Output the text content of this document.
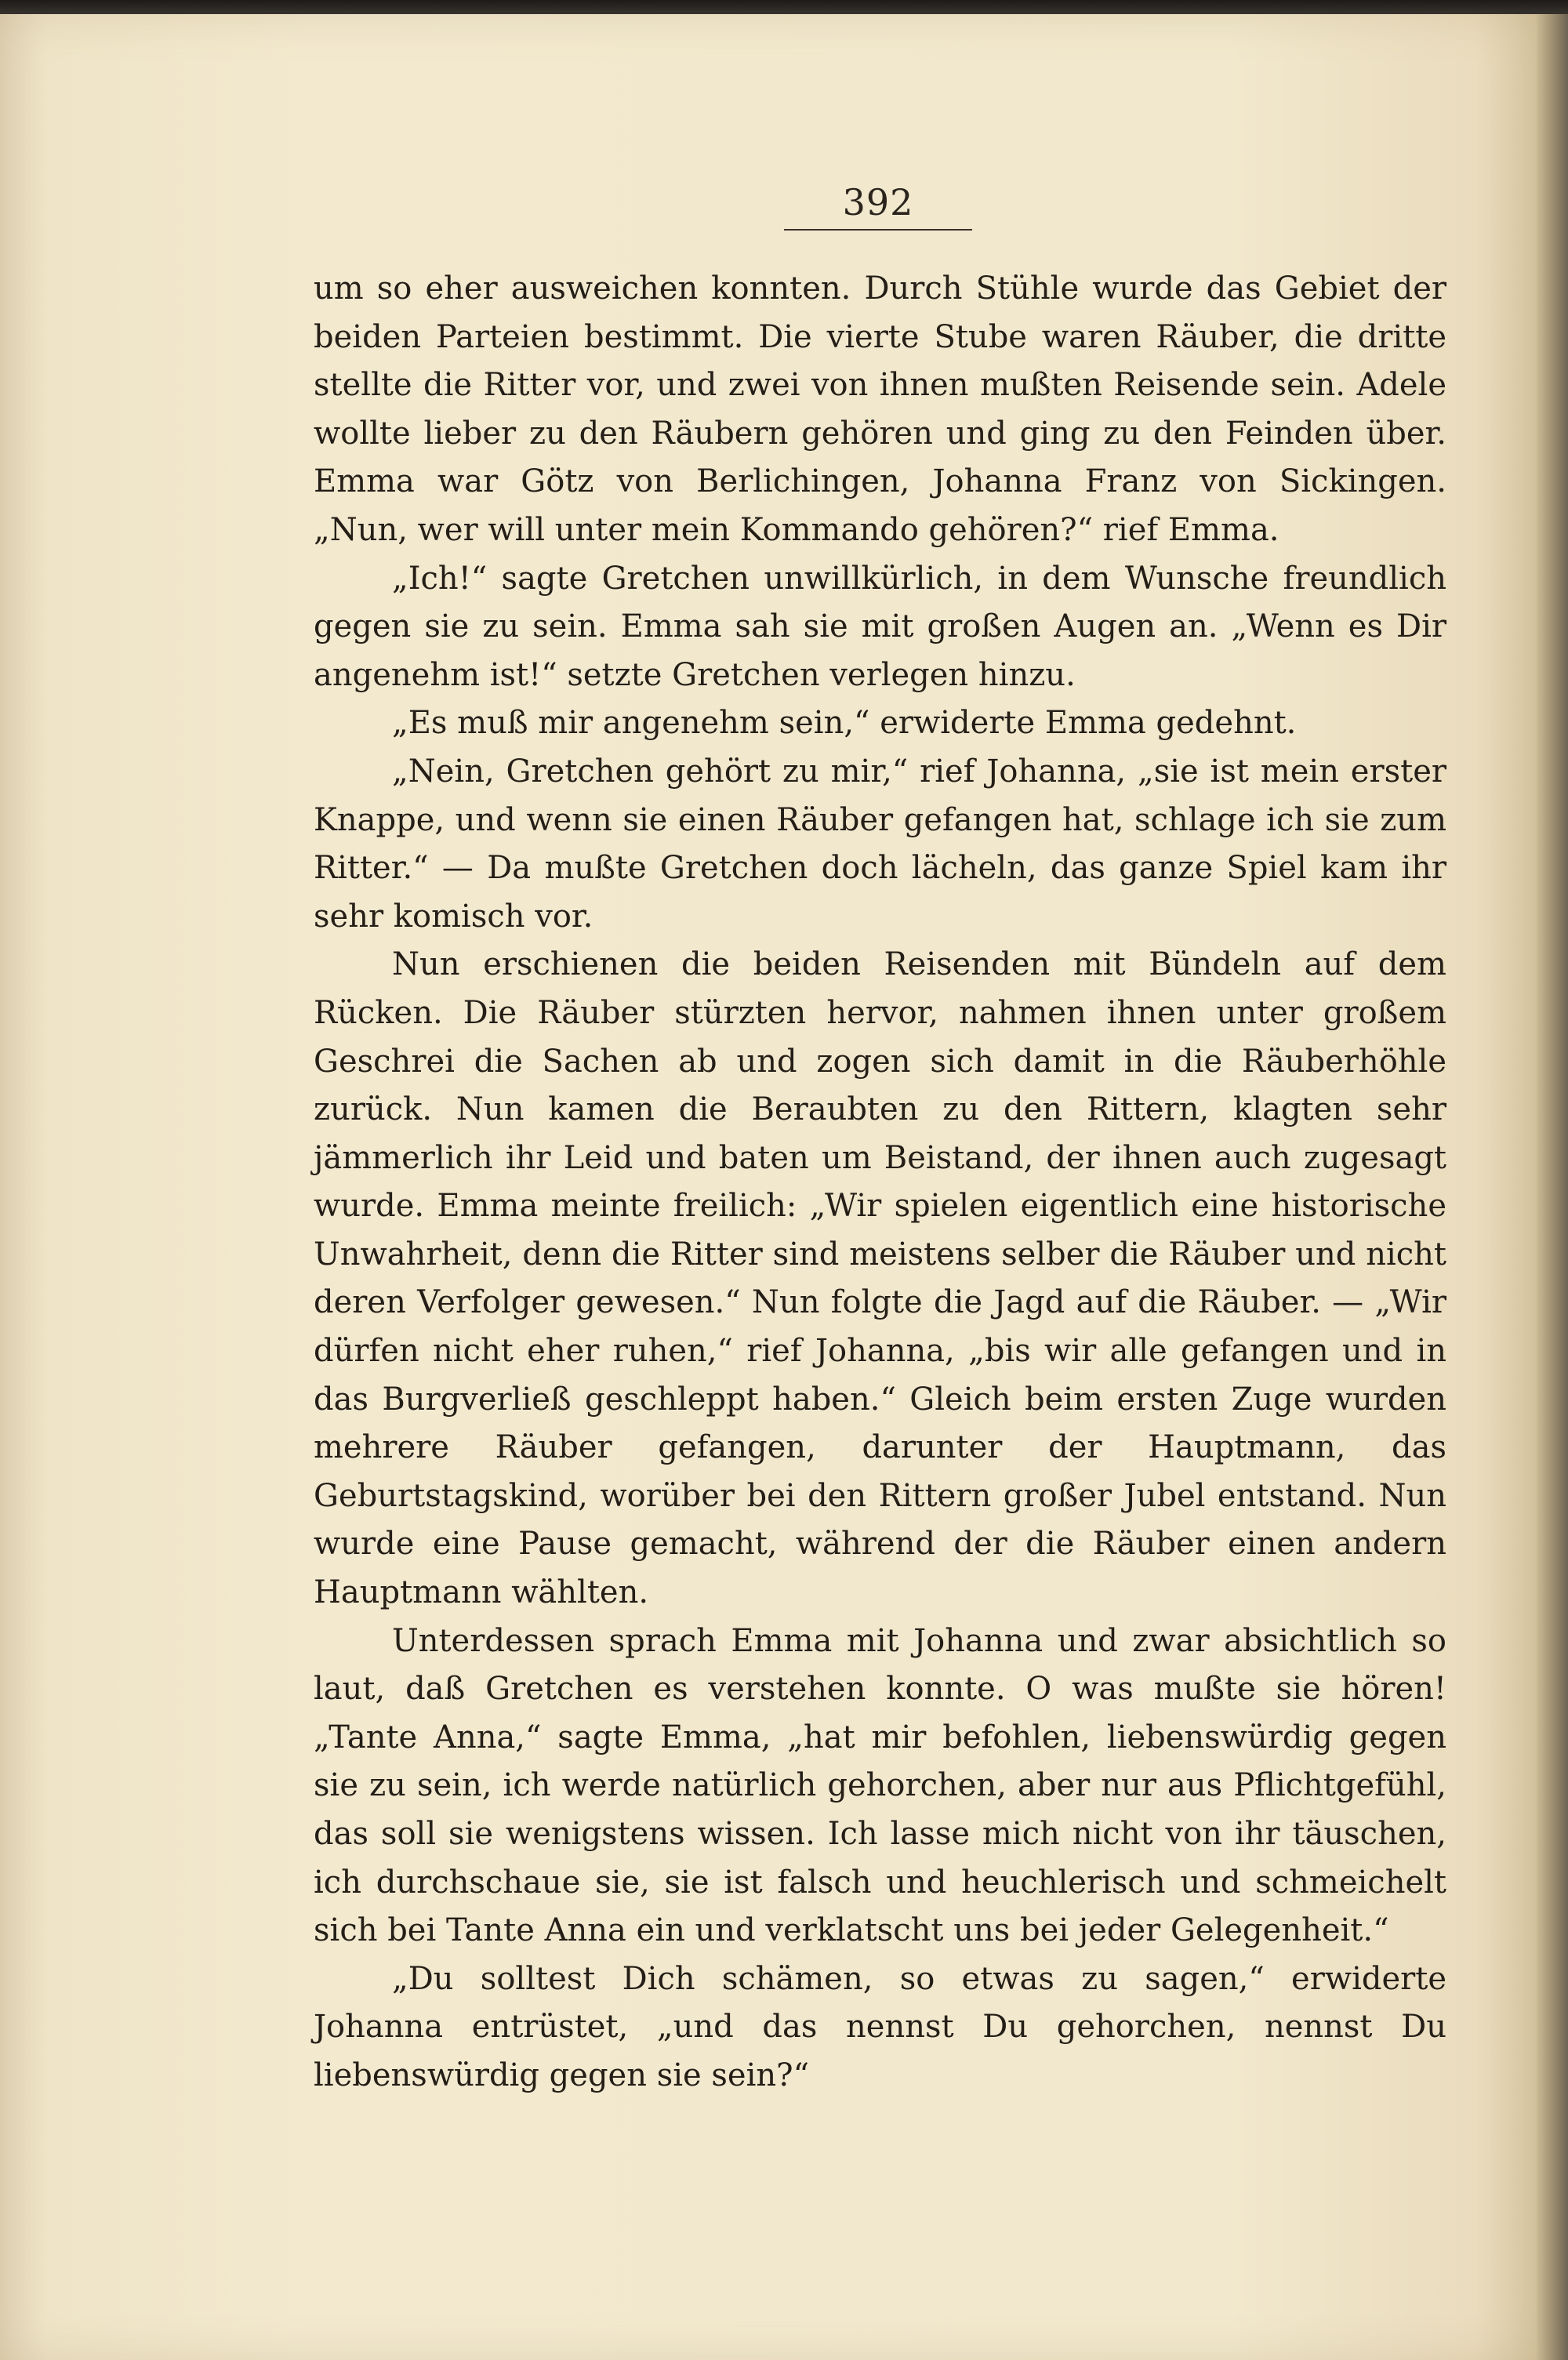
392

um so eher ausweichen konnten. Durch Stühle wurde das Gebiet der beiden Parteien bestimmt. Die vierte Stube waren Räuber, die dritte stellte die Ritter vor, und zwei von ihnen mußten Reisende sein. Adele wollte lieber zu den Räubern gehören und ging zu den Feinden über. Emma war Götz von Berlichingen, Johanna Franz von Sickingen. „Nun, wer will unter mein Kommando gehören?“ rief Emma.

„Ich!“ sagte Gretchen unwillkürlich, in dem Wunsche freundlich gegen sie zu sein. Emma sah sie mit großen Augen an. „Wenn es Dir angenehm ist!“ setzte Gretchen verlegen hinzu.

„Es muß mir angenehm sein,“ erwiderte Emma gedehnt.

„Nein, Gretchen gehört zu mir,“ rief Johanna, „sie ist mein erster Knappe, und wenn sie einen Räuber gefangen hat, schlage ich sie zum Ritter.“ — Da mußte Gretchen doch lächeln, das ganze Spiel kam ihr sehr komisch vor.

Nun erschienen die beiden Reisenden mit Bündeln auf dem Rücken. Die Räuber stürzten hervor, nahmen ihnen unter großem Geschrei die Sachen ab und zogen sich damit in die Räuberhöhle zurück. Nun kamen die Beraubten zu den Rittern, klagten sehr jämmerlich ihr Leid und baten um Beistand, der ihnen auch zugesagt wurde. Emma meinte freilich: „Wir spielen eigentlich eine historische Unwahrheit, denn die Ritter sind meistens selber die Räuber und nicht deren Verfolger gewesen.“ Nun folgte die Jagd auf die Räuber. — „Wir dürfen nicht eher ruhen,“ rief Johanna, „bis wir alle gefangen und in das Burgverließ geschleppt haben.“ Gleich beim ersten Zuge wurden mehrere Räuber gefangen, darunter der Hauptmann, das Geburtstagskind, worüber bei den Rittern großer Jubel entstand. Nun wurde eine Pause gemacht, während der die Räuber einen andern Hauptmann wählten.

Unterdessen sprach Emma mit Johanna und zwar absichtlich so laut, daß Gretchen es verstehen konnte. O was mußte sie hören! „Tante Anna,“ sagte Emma, „hat mir befohlen, liebenswürdig gegen sie zu sein, ich werde natürlich gehorchen, aber nur aus Pflichtgefühl, das soll sie wenigstens wissen. Ich lasse mich nicht von ihr täuschen, ich durchschaue sie, sie ist falsch und heuchlerisch und schmeichelt sich bei Tante Anna ein und verklatscht uns bei jeder Gelegenheit.“

„Du solltest Dich schämen, so etwas zu sagen,“ erwiderte Johanna entrüstet, „und das nennst Du gehorchen, nennst Du liebenswürdig gegen sie sein?“
